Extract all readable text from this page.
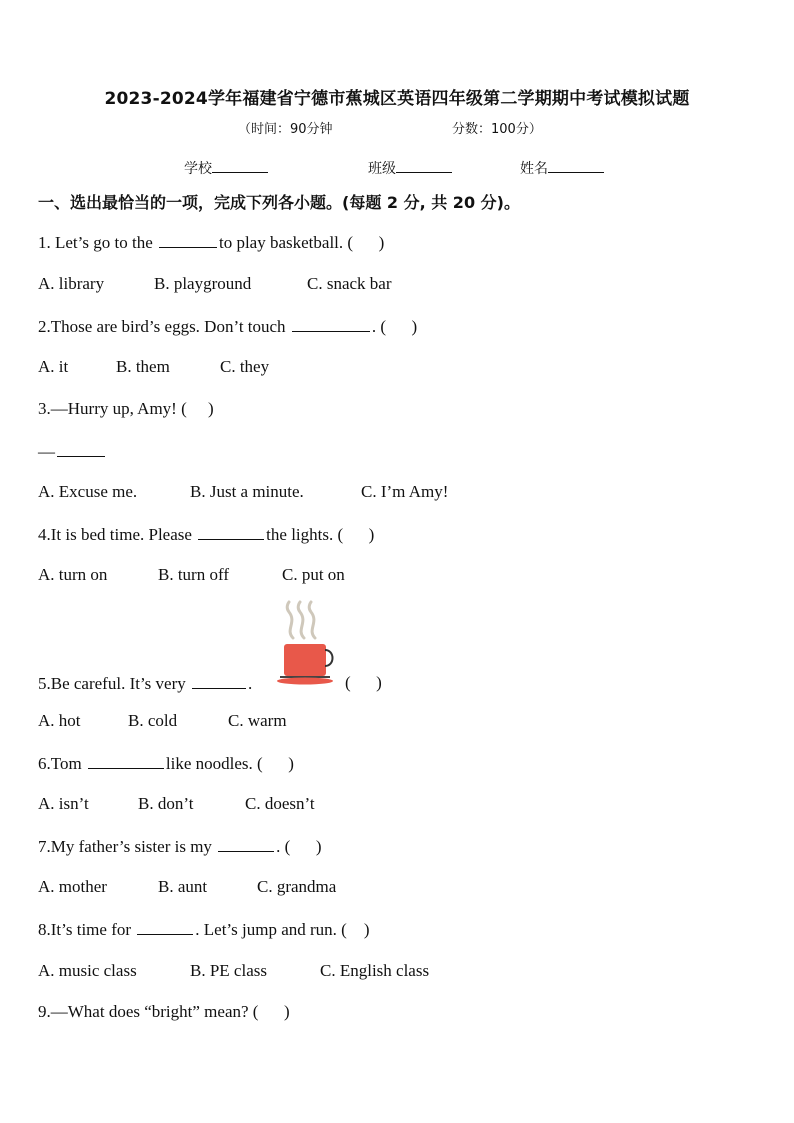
2023-2024学年福建省宁德市蕉城区英语四年级第二学期期中考试模拟试题
（时间：90分钟	分数：100分）
学校	班级	姓名
一、选出最恰当的一项，完成下列各小题。(每题 2 分, 共 20 分)。
1. Let’s go to the	to play basketball. ( )
A. library	B. playground	C. snack bar
2.Those are bird’s eggs. Don’t touch	. ( )
A. it	B. them	C. they
3.—Hurry up, Amy! ( )
—
A. Excuse me.	B. Just a minute.	C. I’m Amy!
4.It is bed time. Please	the lights. ( )
A. turn on	B. turn off	C. put on
5.Be careful. It’s very	.	( )
A. hot	B. cold	C. warm
6.Tom	like noodles. ( )
A. isn’t	B. don’t	C. doesn’t
7.My father’s sister is my	. ( )
A. mother	B. aunt	C. grandma
8.It’s time for	. Let’s jump and run. ( )
A. music class	B. PE class	C. English class
9.—What does “bright” mean? ( )
